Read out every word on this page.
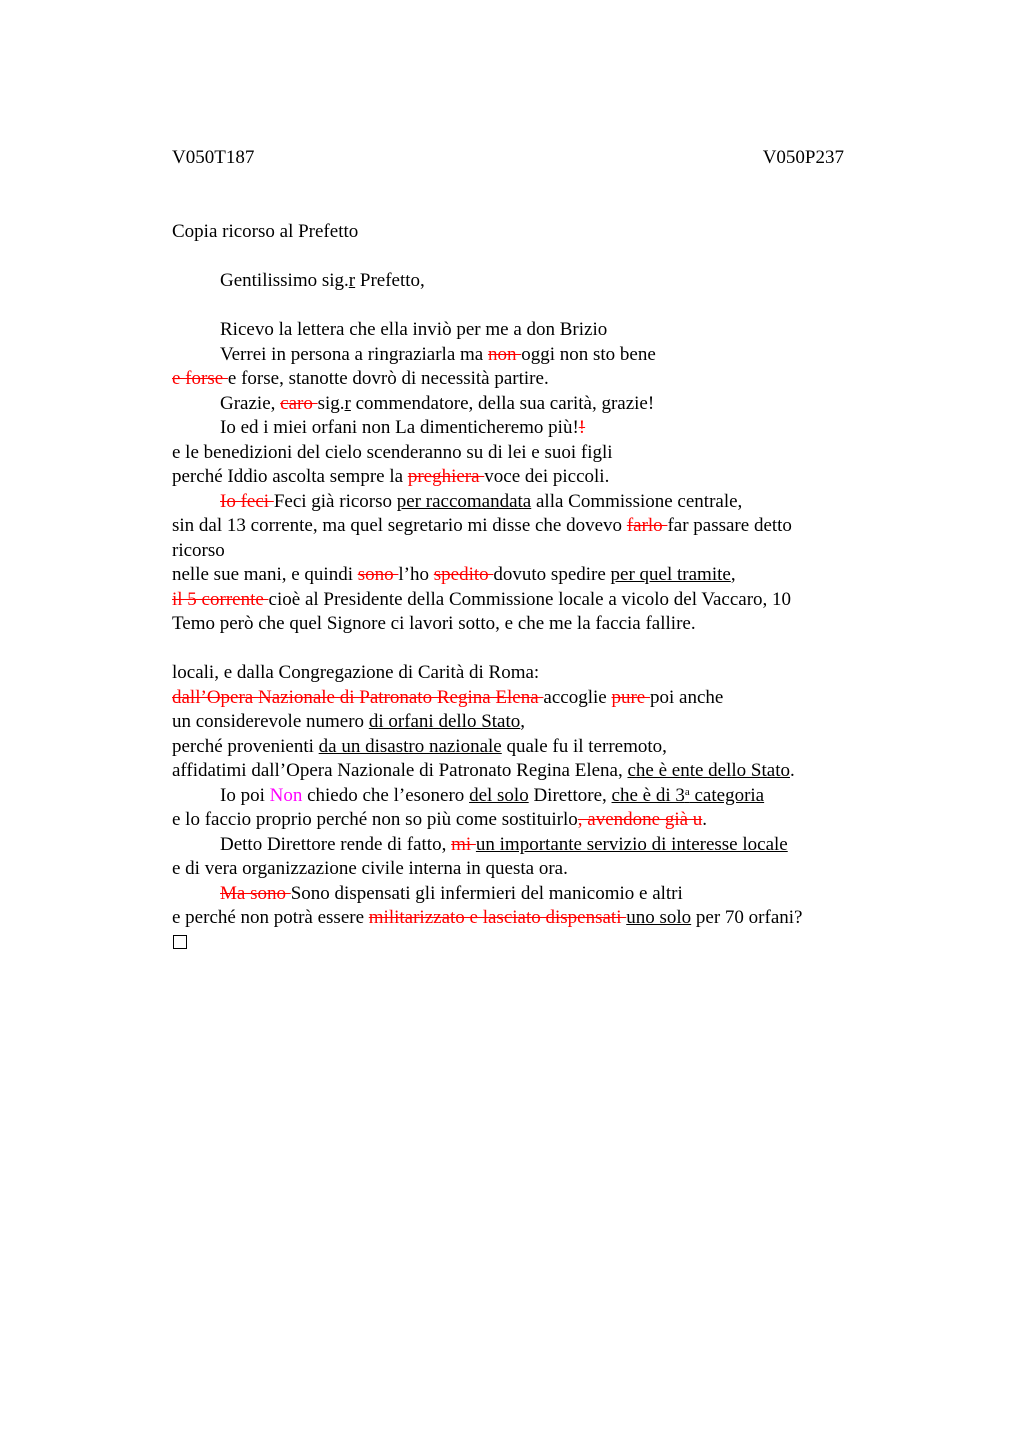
V050T187	V050P237
Copia ricorso al Prefetto
Gentilissimo sig.r Prefetto,
Ricevo la lettera che ella inviò per me a don Brizio
Verrei in persona a ringraziarla ma non oggi non sto bene
e forse e forse, stanotte dovrò di necessità partire.
Grazie, caro sig.r commendatore, della sua carità, grazie!
Io ed i miei orfani non La dimenticheremo più!!
e le benedizioni del cielo scenderanno su di lei e suoi figli
perché Iddio ascolta sempre la preghiera voce dei piccoli.
Io feci Feci già ricorso per raccomandata alla Commissione centrale,
sin dal 13 corrente, ma quel segretario mi disse che dovevo farlo far passare detto
ricorso
nelle sue mani, e quindi sono l’ho spedito dovuto spedire per quel tramite,
il 5 corrente cioè al Presidente della Commissione locale a vicolo del Vaccaro, 10
Temo però che quel Signore ci lavori sotto, e che me la faccia fallire.
locali, e dalla Congregazione di Carità di Roma:
dall’Opera Nazionale di Patronato Regina Elena accoglie pure poi anche
un considerevole numero di orfani dello Stato,
perché provenienti da un disastro nazionale quale fu il terremoto,
affidatimi dall’Opera Nazionale di Patronato Regina Elena, che è ente dello Stato.
Io poi Non chiedo che l’esonero del solo Direttore, che è di 3$^a$ categoria
e lo faccio proprio perché non so più come sostituirlo, avendone già u.
Detto Direttore rende di fatto, mi un importante servizio di interesse locale
e di vera organizzazione civile interna in questa ora.
Ma sono Sono dispensati gli infermieri del manicomio e altri
e perché non potrà essere militarizzato e lasciato dispensati uno solo per 70 orfani?
